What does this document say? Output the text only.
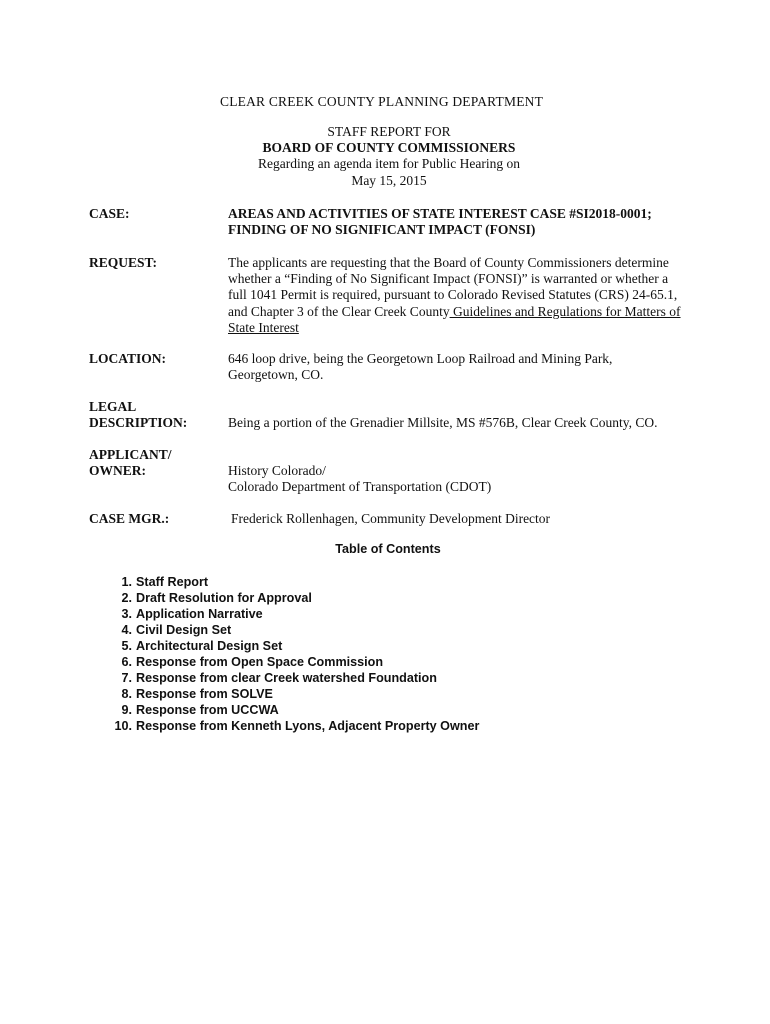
CLEAR CREEK COUNTY PLANNING DEPARTMENT
STAFF REPORT FOR
BOARD OF COUNTY COMMISSIONERS
Regarding an agenda item for Public Hearing on
May 15, 2015
CASE:	AREAS AND ACTIVITIES OF STATE INTEREST CASE #SI2018-0001;
FINDING OF NO SIGNIFICANT IMPACT (FONSI)
REQUEST:	The applicants are requesting that the Board of County Commissioners determine whether a “Finding of No Significant Impact (FONSI)” is warranted or whether a full 1041 Permit is required, pursuant to Colorado Revised Statutes (CRS) 24-65.1, and Chapter 3 of the Clear Creek County Guidelines and Regulations for Matters of State Interest
LOCATION:	646 loop drive, being the Georgetown Loop Railroad and Mining Park,
Georgetown, CO.
LEGAL
DESCRIPTION:	Being a portion of the Grenadier Millsite, MS #576B, Clear Creek County, CO.
APPLICANT/
OWNER:	History Colorado/
Colorado Department of Transportation (CDOT)
CASE MGR.:	Frederick Rollenhagen, Community Development Director
Table of Contents
1. Staff Report
2. Draft Resolution for Approval
3. Application Narrative
4. Civil Design Set
5. Architectural Design Set
6. Response from Open Space Commission
7. Response from clear Creek watershed Foundation
8. Response from SOLVE
9. Response from UCCWA
10. Response from Kenneth Lyons, Adjacent Property Owner
